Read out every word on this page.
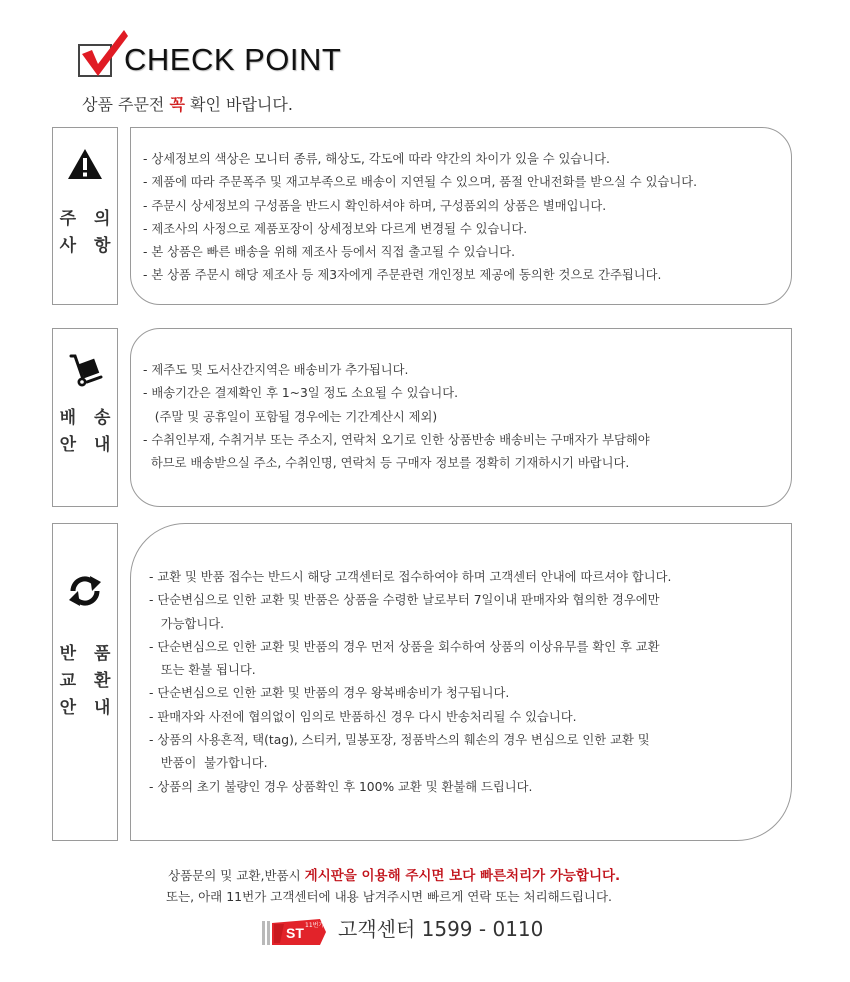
CHECK POINT
상품 주문전 꼭 확인 바랍니다.
주 의
사 항
- 상세정보의 색상은 모니터 종류, 해상도, 각도에 따라 약간의 차이가 있을 수 있습니다.
- 제품에 따라 주문폭주 및 재고부족으로 배송이 지연될 수 있으며, 품절 안내전화를 받으실 수 있습니다.
- 주문시 상세정보의 구성품을 반드시 확인하셔야 하며, 구성품외의 상품은 별매입니다.
- 제조사의 사정으로 제품포장이 상세정보와 다르게 변경될 수 있습니다.
- 본 상품은 빠른 배송을 위해 제조사 등에서 직접 출고될 수 있습니다.
- 본 상품 주문시 해당 제조사 등 제3자에게 주문관련 개인정보 제공에 동의한 것으로 간주됩니다.
배 송
안 내
- 제주도 및 도서산간지역은 배송비가 추가됩니다.
- 배송기간은 결제확인 후 1~3일 정도 소요될 수 있습니다.
(주말 및 공휴일이 포함될 경우에는 기간계산시 제외)
- 수취인부재, 수취거부 또는 주소지, 연락처 오기로 인한 상품반송 배송비는 구매자가 부담해야
하므로 배송받으실 주소, 수취인명, 연락처 등 구매자 정보를 정확히 기재하시기 바랍니다.
반 품
교 환
안 내
- 교환 및 반품 접수는 반드시 해당 고객센터로 접수하여야 하며 고객센터 안내에 따르셔야 합니다.
- 단순변심으로 인한 교환 및 반품은 상품을 수령한 날로부터 7일이내 판매자와 협의한 경우에만
가능합니다.
- 단순변심으로 인한 교환 및 반품의 경우 먼저 상품을 회수하여 상품의 이상유무를 확인 후 교환
또는 환불 됩니다.
- 단순변심으로 인한 교환 및 반품의 경우 왕복배송비가 청구됩니다.
- 판매자와 사전에 협의없이 임의로 반품하신 경우 다시 반송처리될 수 있습니다.
- 상품의 사용흔적, 택(tag), 스티커, 밀봉포장, 정품박스의 훼손의 경우 변심으로 인한 교환 및
반품이  불가합니다.
- 상품의 초기 불량인 경우 상품확인 후 100% 교환 및 환불해 드립니다.
상품문의 및 교환,반품시 게시판을 이용해 주시면 보다 빠른처리가 가능합니다.
또는, 아래 11번가 고객센터에 내용 남겨주시면 빠르게 연락 또는 처리해드립니다.
ST 11번가 고객센터 1599 - 0110
